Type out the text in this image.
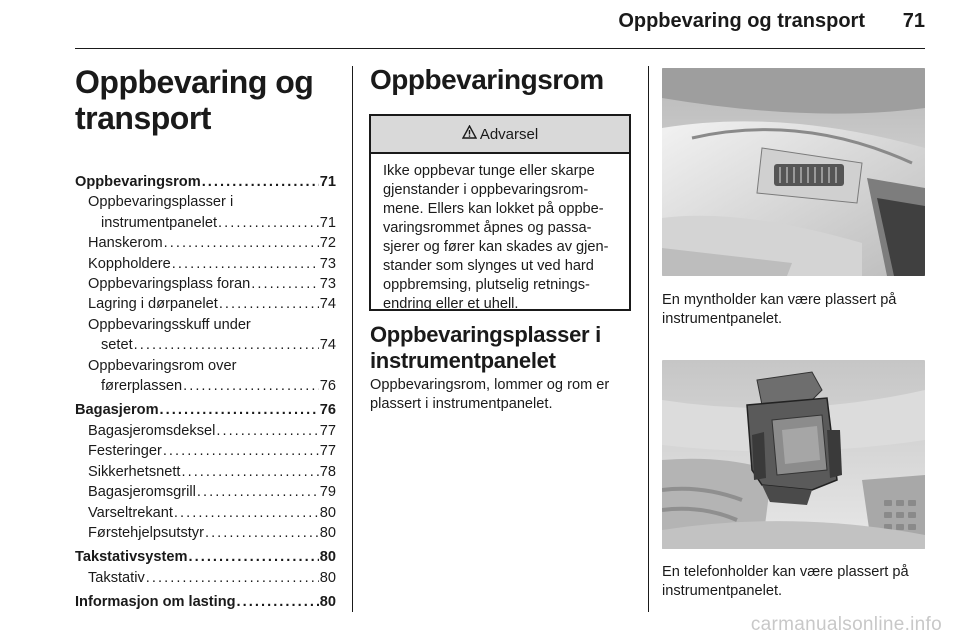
Oppbevaring og transport 71
Oppbevaring og
transport
Oppbevaringsrom . . .	71
Oppbevaringsplasser i
instrumentpanelet . . .	71
Hanskerom . . .	72
Koppholdere . . .	73
Oppbevaringsplass foran . . .	73
Lagring i dørpanelet . . .	74
Oppbevaringsskuff under
setet . . .	74
Oppbevaringsrom over
førerplassen . . .	76
Bagasjerom . . .	76
Bagasjeromsdeksel . . .	77
Festeringer . . .	77
Sikkerhetsnett . . .	78
Bagasjeromsgrill . . .	79
Varseltrekant . . .	80
Førstehjelpsutstyr . . .	80
Takstativsystem . . .	80
Takstativ . . .	80
Informasjon om lasting . . .	80
Oppbevaringsrom
Advarsel
Ikke oppbevar tunge eller skarpe gjenstander i oppbevaringsrom-mene. Ellers kan lokket på oppbe-varingsrommet åpnes og passa-sjerer og fører kan skades av gjen-stander som slynges ut ved hard oppbremsing, plutselig retnings-endring eller et uhell.
Oppbevaringsplasser i instrumentpanelet
Oppbevaringsrom, lommer og rom er plassert i instrumentpanelet.
En myntholder kan være plassert på instrumentpanelet.
En telefonholder kan være plassert på instrumentpanelet.
carmanualsonline.info
